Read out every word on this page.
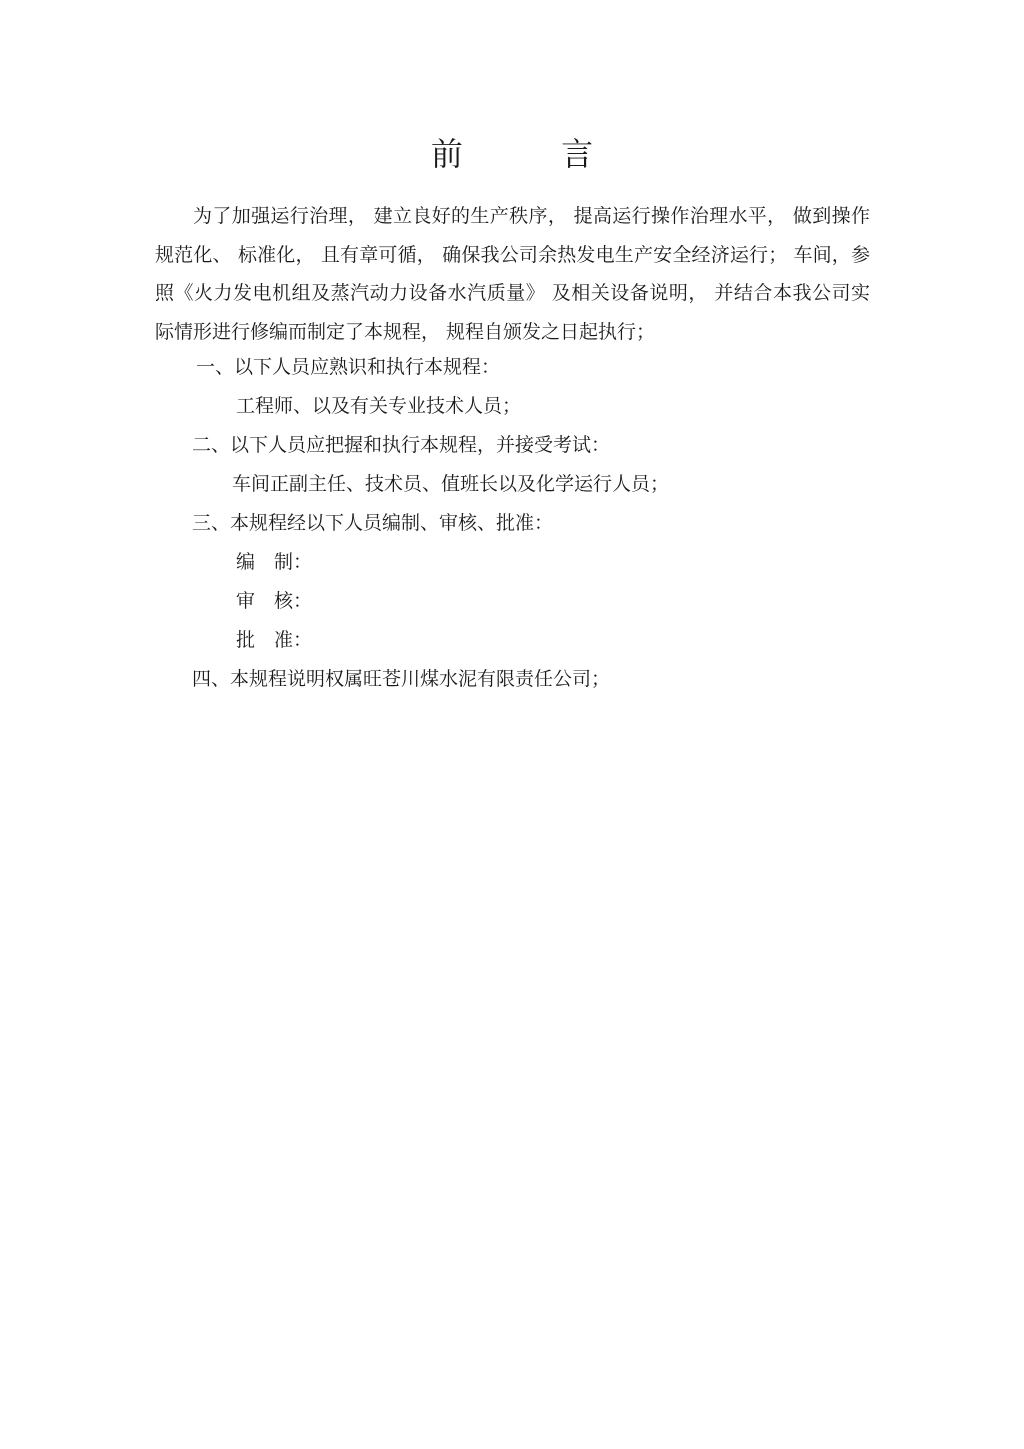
前 言
为了加强运行治理， 建立良好的生产秩序， 提高运行操作治理水平， 做到操作规范化、 标准化， 且有章可循， 确保我公司余热发电生产安全经济运行； 车间，参照《火力发电机组及蒸汽动力设备水汽质量》 及相关设备说明， 并结合本我公司实际情形进行修编而制定了本规程， 规程自颁发之日起执行；
一、以下人员应熟识和执行本规程：
工程师、以及有关专业技术人员；
二、以下人员应把握和执行本规程，并接受考试：
车间正副主任、技术员、值班长以及化学运行人员；
三、本规程经以下人员编制、审核、批准：
编　制：
审　核：
批　准：
四、本规程说明权属旺苍川煤水泥有限责任公司；
